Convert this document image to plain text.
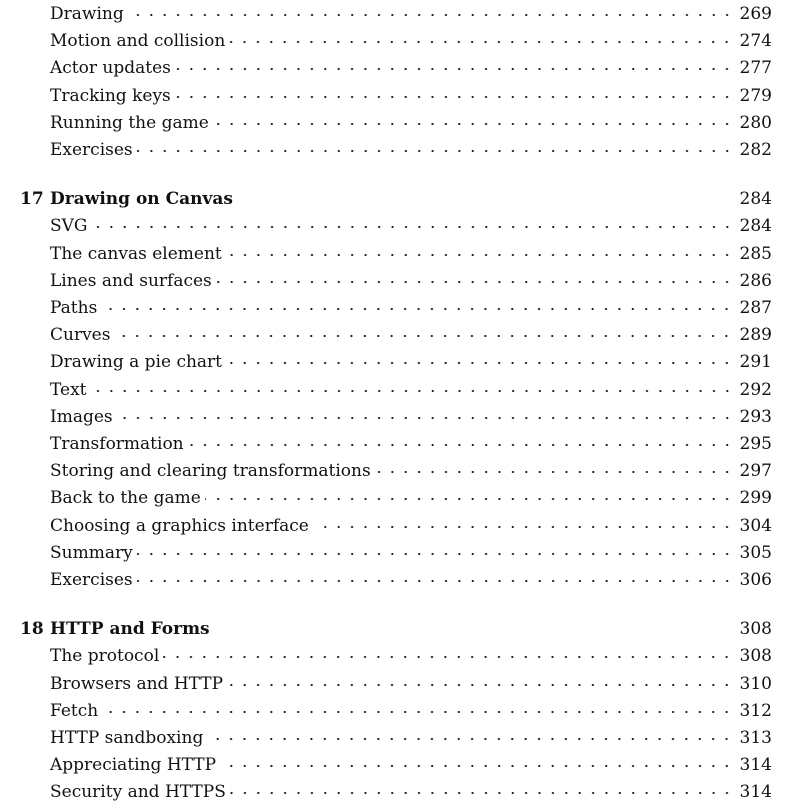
Drawing	269
Motion and collision	274
Actor updates	277
Tracking keys	279
Running the game	280
Exercises	282
17 Drawing on Canvas	284
SVG	284
The canvas element	285
Lines and surfaces	286
Paths	287
Curves	289
Drawing a pie chart	291
Text	292
Images	293
Transformation	295
Storing and clearing transformations	297
Back to the game	299
Choosing a graphics interface	304
Summary	305
Exercises	306
18 HTTP and Forms	308
The protocol	308
Browsers and HTTP	310
Fetch	312
HTTP sandboxing	313
Appreciating HTTP	314
Security and HTTPS	314
